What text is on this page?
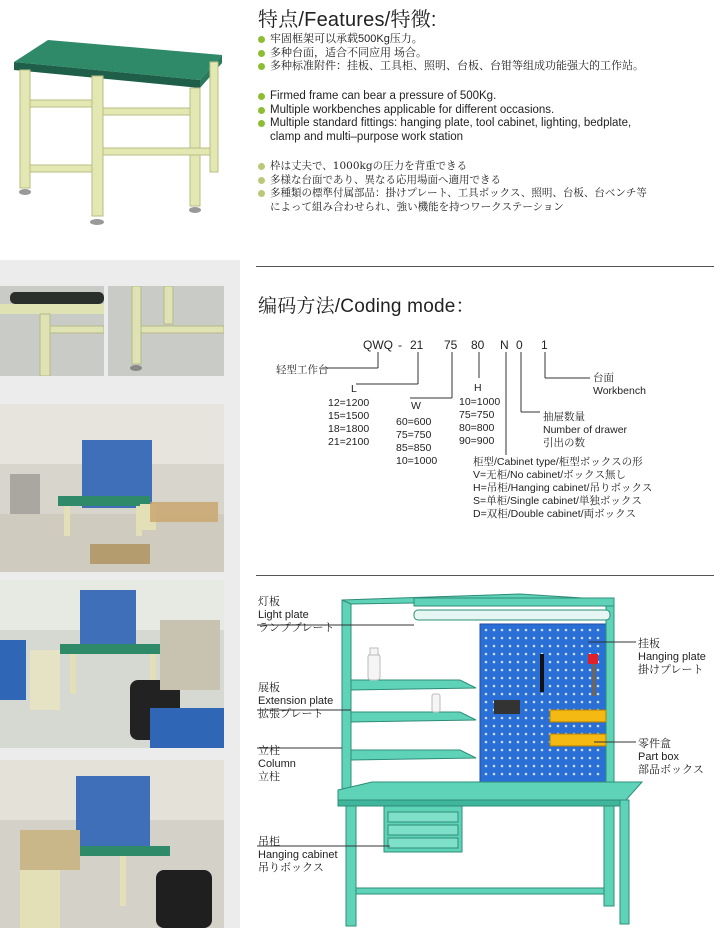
特点/Features/特徴:
牢固框架可以承载500Kg压力。
多种台面，适合不同应用 场合。
多种标准附件：挂板、工具柜、照明、台板、台钳等组成功能强大的工作站。
Firmed frame can bear a pressure of 500Kg.
Multiple workbenches applicable for different occasions.
Multiple standard fittings: hanging plate, tool cabinet, lighting, bedplate,
clamp and multi–purpose work station
枠は丈夫で、1000kgの圧力を背重できる
多様な台面であり、異なる応用場面へ適用できる
多種類の標準付属部品：掛けプレート、工具ボックス、照明、台板、台ベンチ等
によって組み合わせられ、強い機能を持つワークステーション
编码方法/Coding mode：
QWQ - 21 75 80 N 0 1
轻型工作台
L
12=1200
15=1500
18=1800
21=2100
W
60=600
75=750
85=850
10=1000
H
10=1000
75=750
80=800
90=900
台面
Workbench
抽屉数量
Number of drawer
引出の数
柜型/Cabinet type/柜型ボックスの形
V=无柜/No cabinet/ボックス無し
H=吊柜/Hanging cabinet/吊りボックス
S=单柜/Single cabinet/単独ボックス
D=双柜/Double cabinet/両ボックス
灯板
Light plate
ランプブレート
展板
Extension plate
拡張プレート
立柱
Column
立柱
吊柜
Hanging cabinet
吊りボックス
挂板
Hanging plate
掛けプレート
零件盒
Part box
部品ボックス
